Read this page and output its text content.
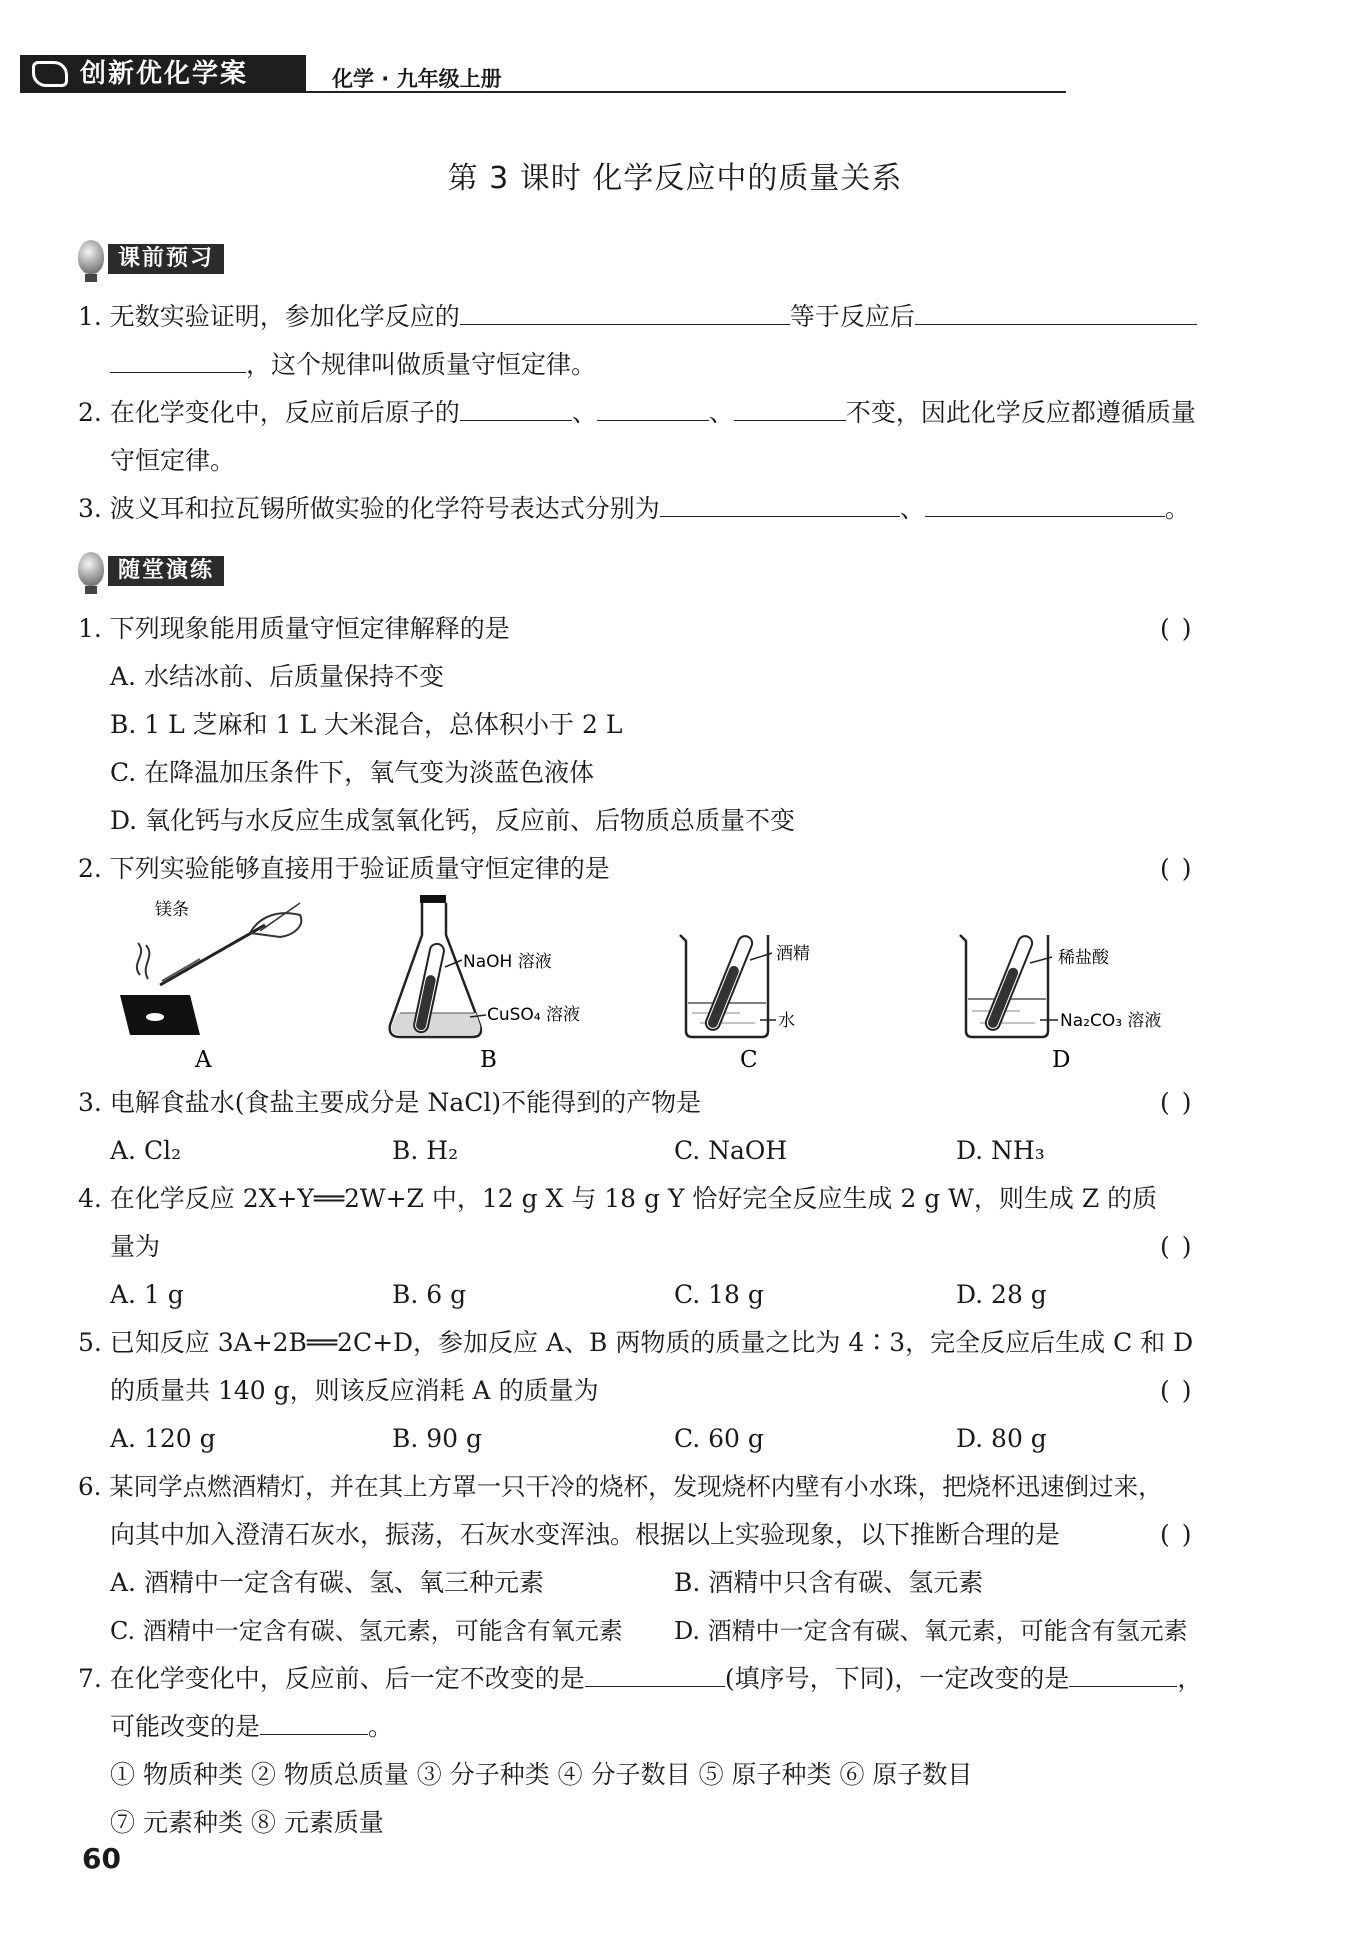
创新优化学案	化学 · 九年级上册
第 3 课时 化学反应中的质量关系
课前预习
1. 无数实验证明，参加化学反应的	等于反应后
，这个规律叫做质量守恒定律。
2. 在化学变化中，反应前后原子的	、	、	不变，因此化学反应都遵循质量
守恒定律。
3. 波义耳和拉瓦锡所做实验的化学符号表达式分别为	、	。
随堂演练
1. 下列现象能用质量守恒定律解释的是	( )
A. 水结冰前、后质量保持不变
B. 1 L 芝麻和 1 L 大米混合，总体积小于 2 L
C. 在降温加压条件下，氧气变为淡蓝色液体
D. 氧化钙与水反应生成氢氧化钙，反应前、后物质总质量不变
2. 下列实验能够直接用于验证质量守恒定律的是	( )
镁条
A
NaOH 溶液
CuSO₄ 溶液
B
酒精
水
C
稀盐酸
Na₂CO₃ 溶液
D
3. 电解食盐水(食盐主要成分是 NaCl)不能得到的产物是	( )
A. Cl₂	B. H₂	C. NaOH	D. NH₃
4. 在化学反应 2X+Y══2W+Z 中，12 g X 与 18 g Y 恰好完全反应生成 2 g W，则生成 Z 的质
量为	( )
A. 1 g	B. 6 g	C. 18 g	D. 28 g
5. 已知反应 3A+2B══2C+D，参加反应 A、B 两物质的质量之比为 4∶3，完全反应后生成 C 和 D
的质量共 140 g，则该反应消耗 A 的质量为	( )
A. 120 g	B. 90 g	C. 60 g	D. 80 g
6. 某同学点燃酒精灯，并在其上方罩一只干冷的烧杯，发现烧杯内壁有小水珠，把烧杯迅速倒过来，
向其中加入澄清石灰水，振荡，石灰水变浑浊。根据以上实验现象，以下推断合理的是	( )
A. 酒精中一定含有碳、氢、氧三种元素	B. 酒精中只含有碳、氢元素
C. 酒精中一定含有碳、氢元素，可能含有氧元素 D. 酒精中一定含有碳、氧元素，可能含有氢元素
7. 在化学变化中，反应前、后一定不改变的是	(填序号，下同)，一定改变的是	，
可能改变的是	。
① 物质种类 ② 物质总质量 ③ 分子种类 ④ 分子数目 ⑤ 原子种类 ⑥ 原子数目
⑦ 元素种类 ⑧ 元素质量
60
